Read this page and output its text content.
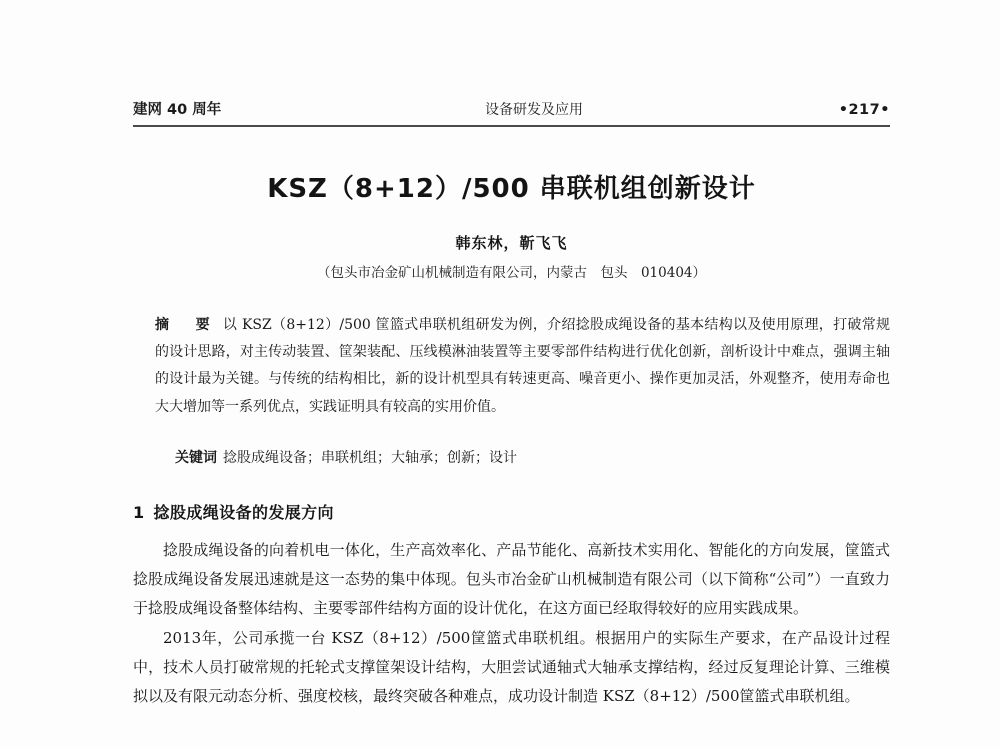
建网 40 周年	设备研发及应用	•217•
KSZ（8+12）/500 串联机组创新设计
韩东林，靳飞飞
（包头市冶金矿山机械制造有限公司，内蒙古　包头　010404）
摘　要 以 KSZ（8+12）/500 筐篮式串联机组研发为例，介绍捻股成绳设备的基本结构以及使用原理，打破常规的设计思路，对主传动装置、筐架装配、压线模淋油装置等主要零部件结构进行优化创新，剖析设计中难点，强调主轴的设计最为关键。与传统的结构相比，新的设计机型具有转速更高、噪音更小、操作更加灵活，外观整齐，使用寿命也大大增加等一系列优点，实践证明具有较高的实用价值。
关键词 捻股成绳设备；串联机组；大轴承；创新；设计
1 捻股成绳设备的发展方向

捻股成绳设备的向着机电一体化，生产高效率化、产品节能化、高新技术实用化、智能化的方向发展，筐篮式捻股成绳设备发展迅速就是这一态势的集中体现。包头市冶金矿山机械制造有限公司（以下简称“公司”）一直致力于捻股成绳设备整体结构、主要零部件结构方面的设计优化，在这方面已经取得较好的应用实践成果。

2013年，公司承揽一台 KSZ（8+12）/500筐篮式串联机组。根据用户的实际生产要求，在产品设计过程中，技术人员打破常规的托轮式支撑筐架设计结构，大胆尝试通轴式大轴承支撑结构，经过反复理论计算、三维模拟以及有限元动态分析、强度校核，最终突破各种难点，成功设计制造 KSZ（8+12）/500筐篮式串联机组。
